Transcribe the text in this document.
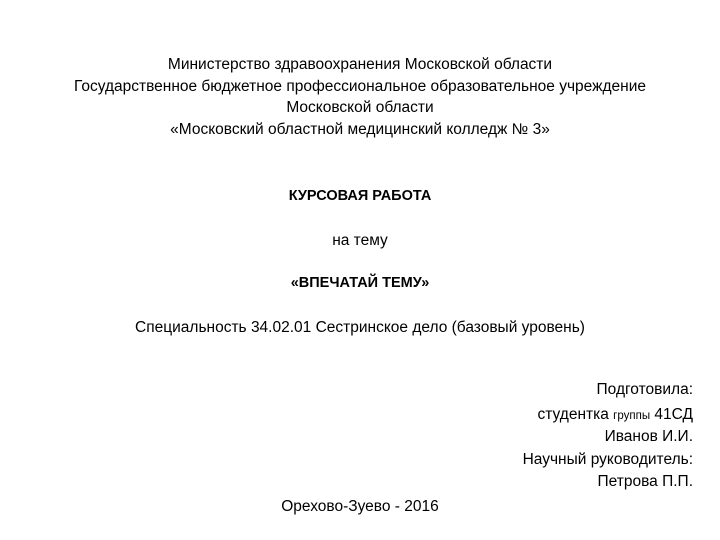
Министерство здравоохранения Московской области
Государственное бюджетное профессиональное образовательное учреждение
Московской области
«Московский областной медицинский колледж № 3»
КУРСОВАЯ РАБОТА
на тему
«ВПЕЧАТАЙ ТЕМУ»
Специальность 34.02.01 Сестринское дело (базовый уровень)
Подготовила:
студентка группы 41СД
Иванов И.И.
Научный руководитель:
Петрова П.П.
Орехово-Зуево - 2016
